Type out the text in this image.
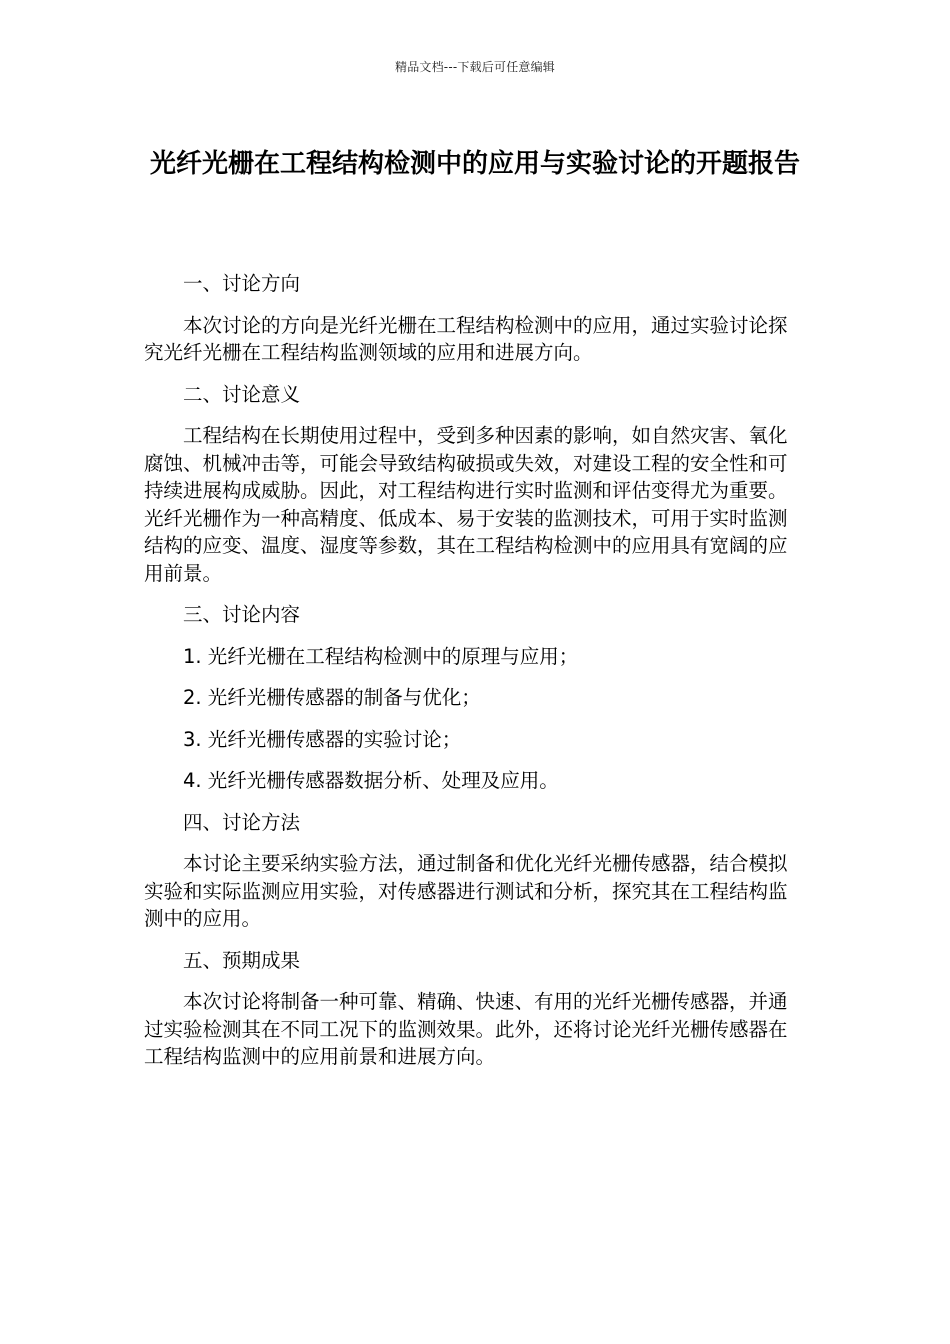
精品文档---下载后可任意编辑
光纤光栅在工程结构检测中的应用与实验讨论的开题报告

一、讨论方向

本次讨论的方向是光纤光栅在工程结构检测中的应用，通过实验讨论探究光纤光栅在工程结构监测领域的应用和进展方向。

二、讨论意义

工程结构在长期使用过程中，受到多种因素的影响，如自然灾害、氧化腐蚀、机械冲击等，可能会导致结构破损或失效，对建设工程的安全性和可持续进展构成威胁。因此，对工程结构进行实时监测和评估变得尤为重要。光纤光栅作为一种高精度、低成本、易于安装的监测技术，可用于实时监测结构的应变、温度、湿度等参数，其在工程结构检测中的应用具有宽阔的应用前景。

三、讨论内容

1. 光纤光栅在工程结构检测中的原理与应用；

2. 光纤光栅传感器的制备与优化；

3. 光纤光栅传感器的实验讨论；

4. 光纤光栅传感器数据分析、处理及应用。

四、讨论方法

本讨论主要采纳实验方法，通过制备和优化光纤光栅传感器，结合模拟实验和实际监测应用实验，对传感器进行测试和分析，探究其在工程结构监测中的应用。

五、预期成果

本次讨论将制备一种可靠、精确、快速、有用的光纤光栅传感器，并通过实验检测其在不同工况下的监测效果。此外，还将讨论光纤光栅传感器在工程结构监测中的应用前景和进展方向。
